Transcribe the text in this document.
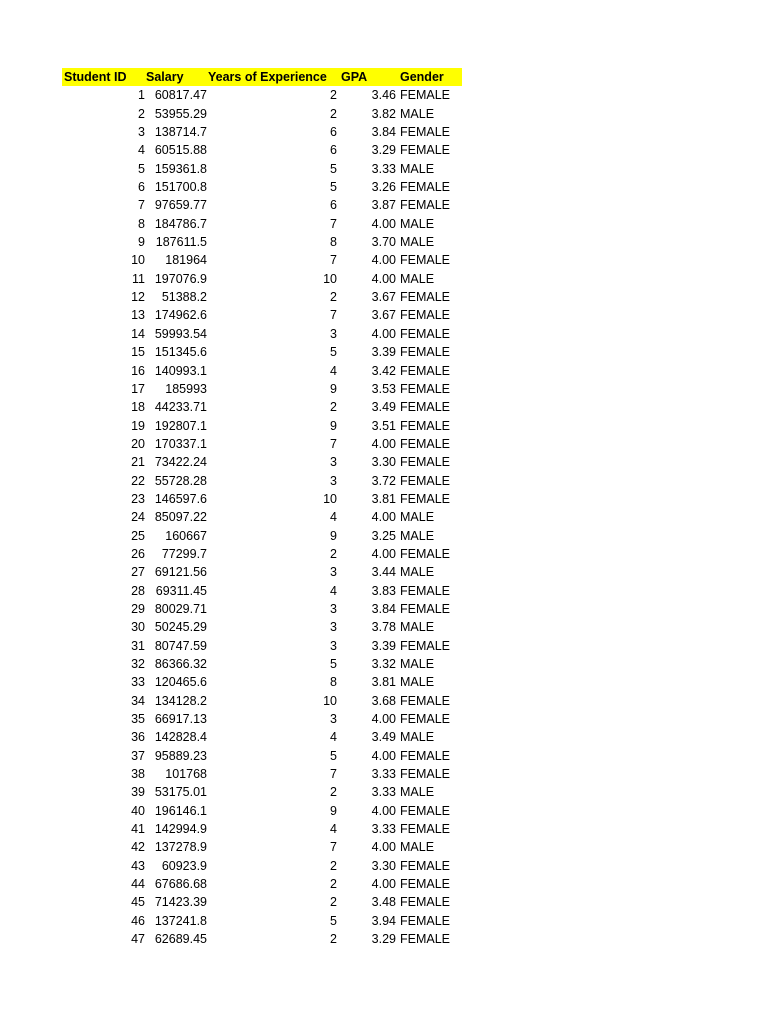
Student ID	Salary	Years of Experience	GPA	Gender
1 60817.47	2	3.46 FEMALE
2 53955.29	2	3.82 MALE
3 138714.7	6	3.84 FEMALE
4 60515.88	6	3.29 FEMALE
5 159361.8	5	3.33 MALE
6 151700.8	5	3.26 FEMALE
7 97659.77	6	3.87 FEMALE
8 184786.7	7	4.00 MALE
9 187611.5	8	3.70 MALE
10	181964	7	4.00 FEMALE
11 197076.9	10	4.00 MALE
12	51388.2	2	3.67 FEMALE
13 174962.6	7	3.67 FEMALE
14 59993.54	3	4.00 FEMALE
15 151345.6	5	3.39 FEMALE
16 140993.1	4	3.42 FEMALE
17	185993	9	3.53 FEMALE
18 44233.71	2	3.49 FEMALE
19 192807.1	9	3.51 FEMALE
20 170337.1	7	4.00 FEMALE
21 73422.24	3	3.30 FEMALE
22 55728.28	3	3.72 FEMALE
23 146597.6	10	3.81 FEMALE
24 85097.22	4	4.00 MALE
25	160667	9	3.25 MALE
26	77299.7	2	4.00 FEMALE
27 69121.56	3	3.44 MALE
28 69311.45	4	3.83 FEMALE
29 80029.71	3	3.84 FEMALE
30 50245.29	3	3.78 MALE
31 80747.59	3	3.39 FEMALE
32 86366.32	5	3.32 MALE
33 120465.6	8	3.81 MALE
34 134128.2	10	3.68 FEMALE
35 66917.13	3	4.00 FEMALE
36 142828.4	4	3.49 MALE
37 95889.23	5	4.00 FEMALE
38	101768	7	3.33 FEMALE
39 53175.01	2	3.33 MALE
40 196146.1	9	4.00 FEMALE
41 142994.9	4	3.33 FEMALE
42 137278.9	7	4.00 MALE
43	60923.9	2	3.30 FEMALE
44 67686.68	2	4.00 FEMALE
45 71423.39	2	3.48 FEMALE
46 137241.8	5	3.94 FEMALE
47 62689.45	2	3.29 FEMALE
